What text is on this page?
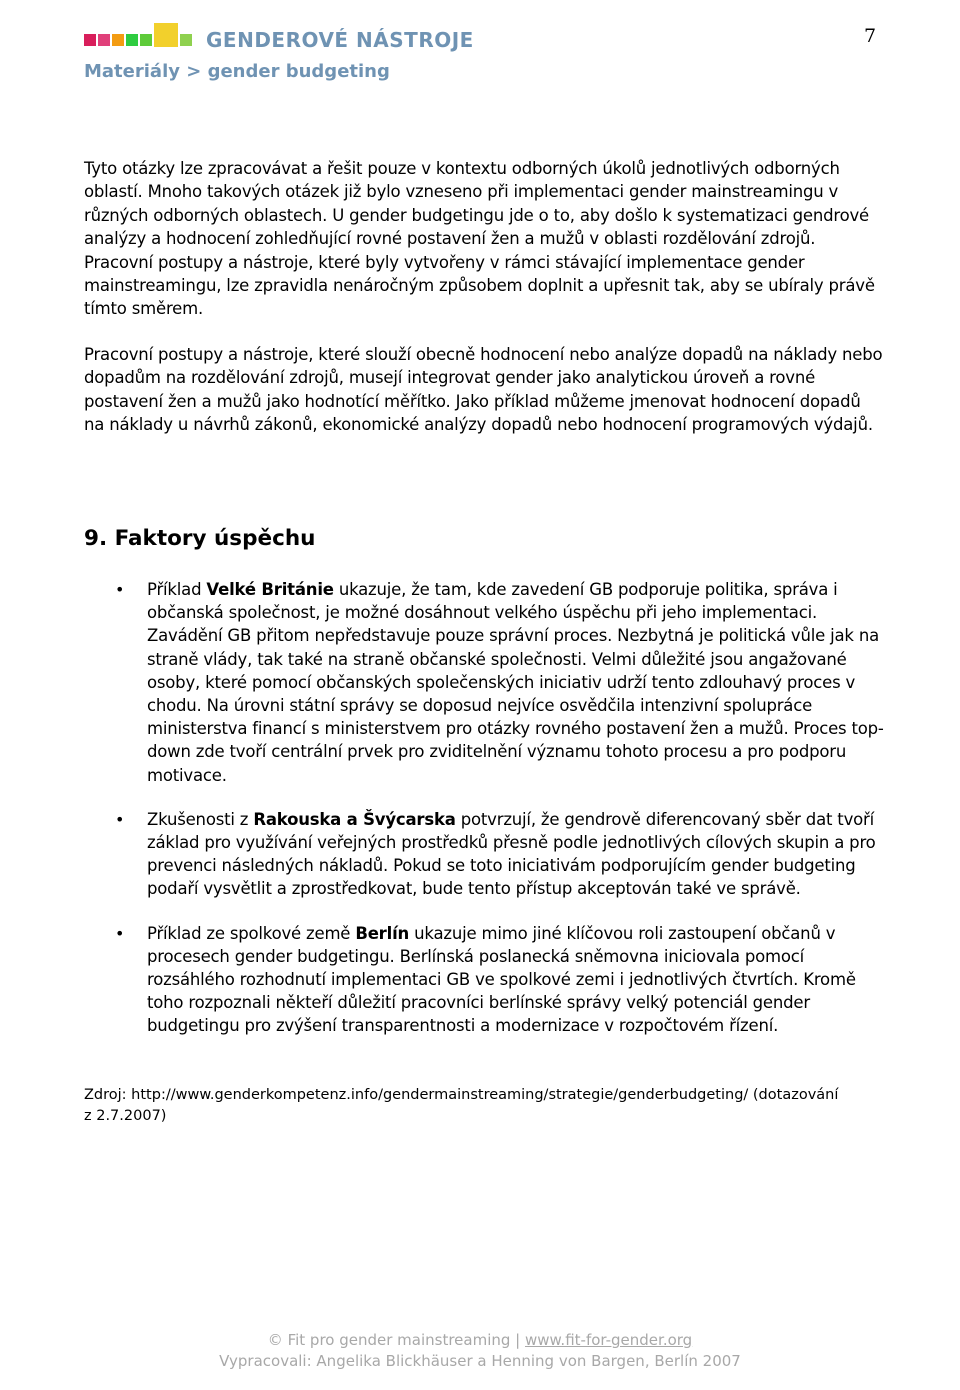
GENDEROVÉ NÁSTROJE
Materiály > gender budgeting
7

Tyto otázky lze zpracovávat a řešit pouze v kontextu odborných úkolů jednotlivých odborných oblastí. Mnoho takových otázek již bylo vzneseno při implementaci gender mainstreamingu v různých odborných oblastech. U gender budgetingu jde o to, aby došlo k systematizaci gendrové analýzy a hodnocení zohledňující rovné postavení žen a mužů v oblasti rozdělování zdrojů. Pracovní postupy a nástroje, které byly vytvořeny v rámci stávající implementace gender mainstreamingu, lze zpravidla nenáročným způsobem doplnit a upřesnit tak, aby se ubíraly právě tímto směrem.

Pracovní postupy a nástroje, které slouží obecně hodnocení nebo analýze dopadů na náklady nebo dopadům na rozdělování zdrojů, musejí integrovat gender jako analytickou úroveň a rovné postavení žen a mužů jako hodnotící měřítko. Jako příklad můžeme jmenovat hodnocení dopadů na náklady u návrhů zákonů, ekonomické analýzy dopadů nebo hodnocení programových výdajů.

9. Faktory úspěchu
• Příklad Velké Británie ukazuje, že tam, kde zavedení GB podporuje politika, správa i občanská společnost, je možné dosáhnout velkého úspěchu při jeho implementaci. Zavádění GB přitom nepředstavuje pouze správní proces. Nezbytná je politická vůle jak na straně vlády, tak také na straně občanské společnosti. Velmi důležité jsou angažované osoby, které pomocí občanských společenských iniciativ udrží tento zdlouhavý proces v chodu. Na úrovni státní správy se doposud nejvíce osvědčila intenzivní spolupráce ministerstva financí s ministerstvem pro otázky rovného postavení žen a mužů. Proces top-down zde tvoří centrální prvek pro zviditelnění významu tohoto procesu a pro podporu motivace.
• Zkušenosti z Rakouska a Švýcarska potvrzují, že gendrově diferencovaný sběr dat tvoří základ pro využívání veřejných prostředků přesně podle jednotlivých cílových skupin a pro prevenci následných nákladů. Pokud se toto iniciativám podporujícím gender budgeting podaří vysvětlit a zprostředkovat, bude tento přístup akceptován také ve správě.
• Příklad ze spolkové země Berlín ukazuje mimo jiné klíčovou roli zastoupení občanů v procesech gender budgetingu. Berlínská poslanecká sněmovna iniciovala pomocí rozsáhlého rozhodnutí implementaci GB ve spolkové zemi i jednotlivých čtvrtích. Kromě toho rozpoznali někteří důležití pracovníci berlínské správy velký potenciál gender budgetingu pro zvýšení transparentnosti a modernizace v rozpočtovém řízení.
Zdroj: http://www.genderkompetenz.info/gendermainstreaming/strategie/genderbudgeting/ (dotazování z 2.7.2007)
© Fit pro gender mainstreaming | www.fit-for-gender.org
Vypracovali: Angelika Blickhäuser a Henning von Bargen, Berlín 2007
